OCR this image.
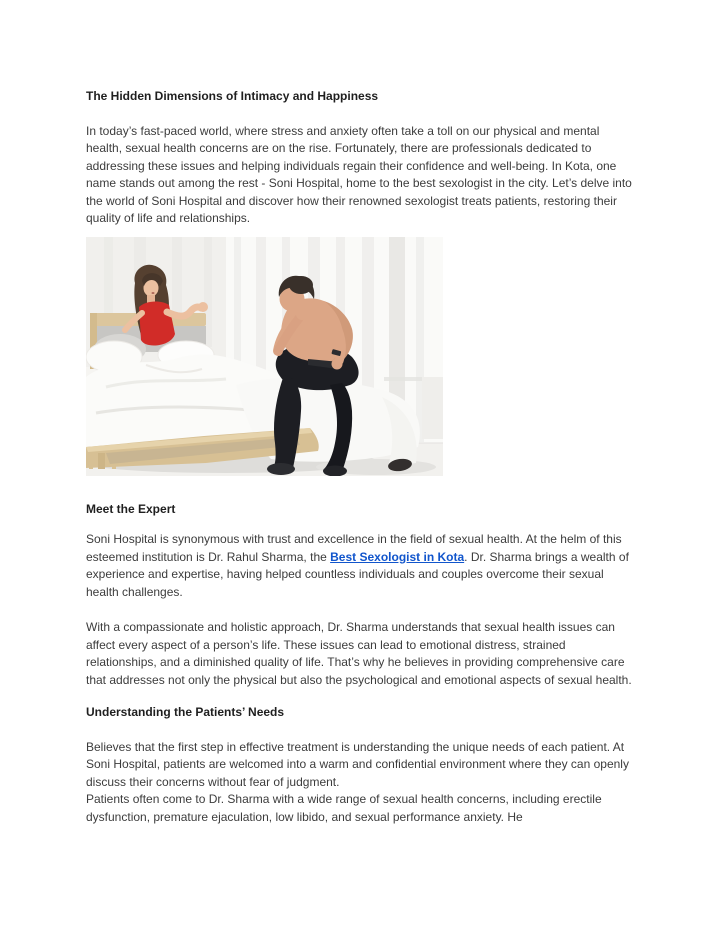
The Hidden Dimensions of Intimacy and Happiness

In today’s fast-paced world, where stress and anxiety often take a toll on our physical and mental health, sexual health concerns are on the rise. Fortunately, there are professionals dedicated to addressing these issues and helping individuals regain their confidence and well-being. In Kota, one name stands out among the rest - Soni Hospital, home to the best sexologist in the city. Let’s delve into the world of Soni Hospital and discover how their renowned sexologist treats patients, restoring their quality of life and relationships.

Meet the Expert

Soni Hospital is synonymous with trust and excellence in the field of sexual health. At the helm of this esteemed institution is Dr. Rahul Sharma, the Best Sexologist in Kota. Dr. Sharma brings a wealth of experience and expertise, having helped countless individuals and couples overcome their sexual health challenges.

With a compassionate and holistic approach, Dr. Sharma understands that sexual health issues can affect every aspect of a person’s life. These issues can lead to emotional distress, strained relationships, and a diminished quality of life. That’s why he believes in providing comprehensive care that addresses not only the physical but also the psychological and emotional aspects of sexual health.

Understanding the Patients’ Needs

Believes that the first step in effective treatment is understanding the unique needs of each patient. At Soni Hospital, patients are welcomed into a warm and confidential environment where they can openly discuss their concerns without fear of judgment.
Patients often come to Dr. Sharma with a wide range of sexual health concerns, including erectile dysfunction, premature ejaculation, low libido, and sexual performance anxiety. He
